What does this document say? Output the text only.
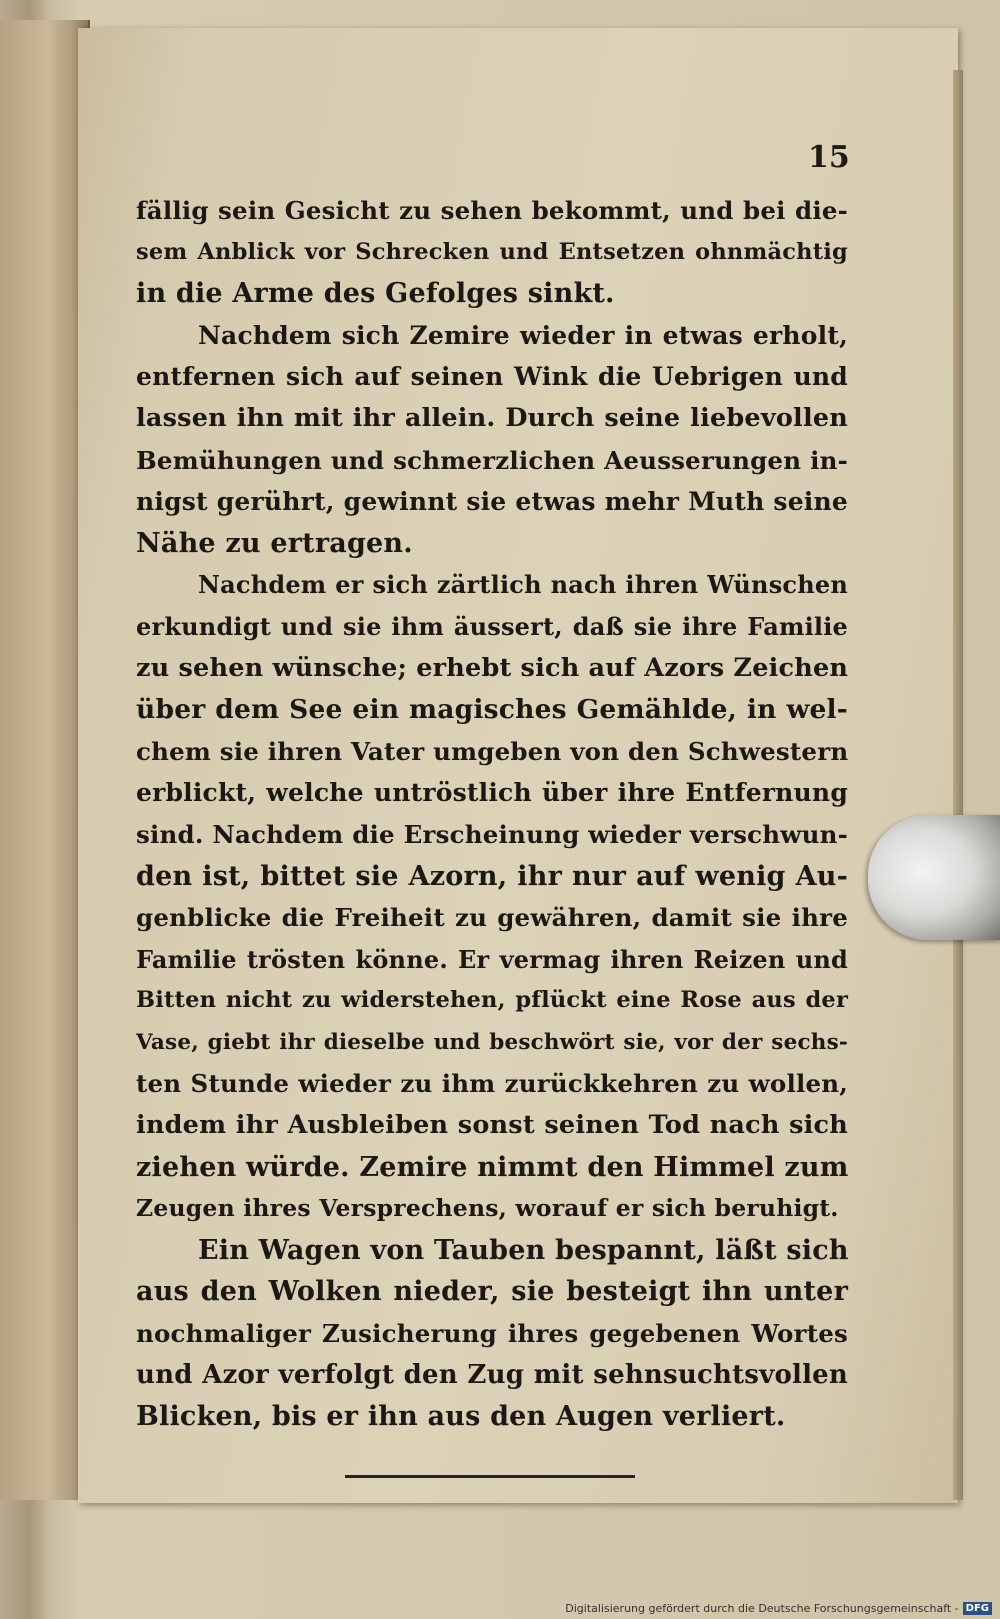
15
fällig sein Gesicht zu sehen bekommt, und bei die-
sem Anblick vor Schrecken und Entsetzen ohnmächtig
in die Arme des Gefolges sinkt.
Nachdem sich Zemire wieder in etwas erholt,
entfernen sich auf seinen Wink die Uebrigen und
lassen ihn mit ihr allein. Durch seine liebevollen
Bemühungen und schmerzlichen Aeusserungen in-
nigst gerührt, gewinnt sie etwas mehr Muth seine
Nähe zu ertragen.
Nachdem er sich zärtlich nach ihren Wünschen
erkundigt und sie ihm äussert, daß sie ihre Familie
zu sehen wünsche; erhebt sich auf Azors Zeichen
über dem See ein magisches Gemählde, in wel-
chem sie ihren Vater umgeben von den Schwestern
erblickt, welche untröstlich über ihre Entfernung
sind. Nachdem die Erscheinung wieder verschwun-
den ist, bittet sie Azorn, ihr nur auf wenig Au-
genblicke die Freiheit zu gewähren, damit sie ihre
Familie trösten könne. Er vermag ihren Reizen und
Bitten nicht zu widerstehen, pflückt eine Rose aus der
Vase, giebt ihr dieselbe und beschwört sie, vor der sechs-
ten Stunde wieder zu ihm zurückkehren zu wollen,
indem ihr Ausbleiben sonst seinen Tod nach sich
ziehen würde. Zemire nimmt den Himmel zum
Zeugen ihres Versprechens, worauf er sich beruhigt.
Ein Wagen von Tauben bespannt, läßt sich
aus den Wolken nieder, sie besteigt ihn unter
nochmaliger Zusicherung ihres gegebenen Wortes
und Azor verfolgt den Zug mit sehnsuchtsvollen
Blicken, bis er ihn aus den Augen verliert.
Digitalisierung gefördert durch die Deutsche Forschungsgemeinschaft - DFG
